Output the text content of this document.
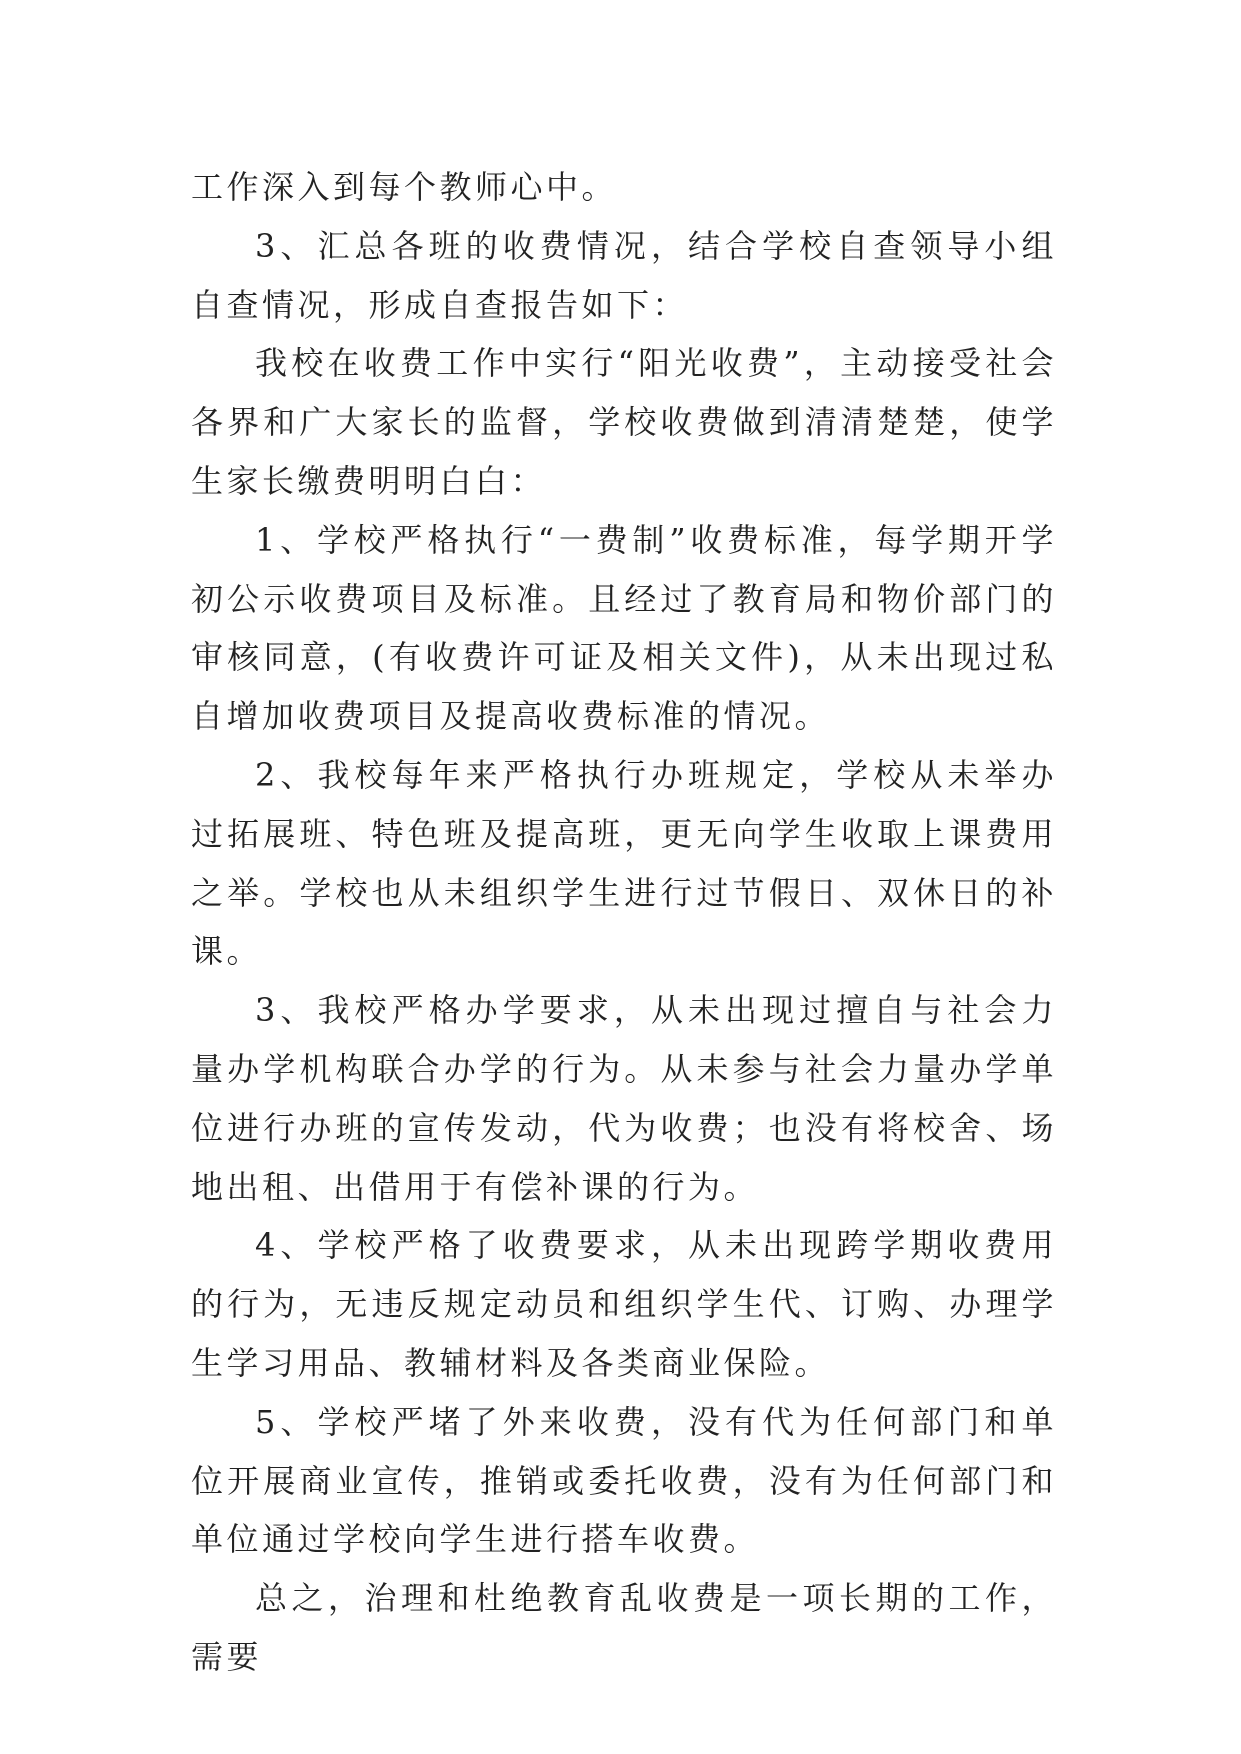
工作深入到每个教师心中。

3、汇总各班的收费情况，结合学校自查领导小组自查情况，形成自查报告如下：

我校在收费工作中实行“阳光收费”，主动接受社会各界和广大家长的监督，学校收费做到清清楚楚，使学生家长缴费明明白白：

1、学校严格执行“一费制”收费标准，每学期开学初公示收费项目及标准。且经过了教育局和物价部门的审核同意，(有收费许可证及相关文件)，从未出现过私自增加收费项目及提高收费标准的情况。

2、我校每年来严格执行办班规定，学校从未举办过拓展班、特色班及提高班，更无向学生收取上课费用之举。学校也从未组织学生进行过节假日、双休日的补课。

3、我校严格办学要求，从未出现过擅自与社会力量办学机构联合办学的行为。从未参与社会力量办学单位进行办班的宣传发动，代为收费；也没有将校舍、场地出租、出借用于有偿补课的行为。

4、学校严格了收费要求，从未出现跨学期收费用的行为，无违反规定动员和组织学生代、订购、办理学生学习用品、教辅材料及各类商业保险。

5、学校严堵了外来收费，没有代为任何部门和单位开展商业宣传，推销或委托收费，没有为任何部门和单位通过学校向学生进行搭车收费。

总之，治理和杜绝教育乱收费是一项长期的工作，需要
